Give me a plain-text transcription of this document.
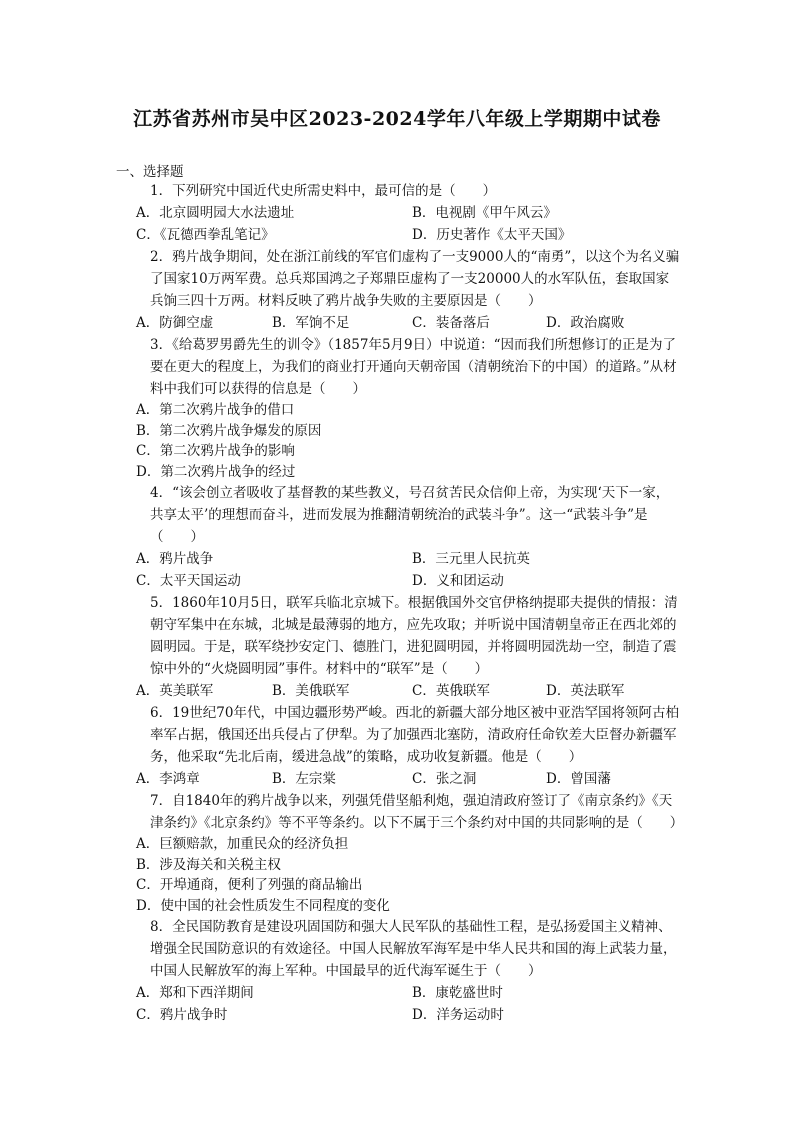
江苏省苏州市吴中区2023-2024学年八年级上学期期中试卷
一、选择题
1．下列研究中国近代史所需史料中，最可信的是（　　）
A．北京圆明园大水法遗址	B．电视剧《甲午风云》
C．《瓦德西拳乱笔记》	D．历史著作《太平天国》
2．鸦片战争期间，处在浙江前线的军官们虚构了一支9000人的“南勇”，以这个为名义骗了国家10万两军费。总兵郑国鸿之子郑鼎臣虚构了一支20000人的水军队伍，套取国家兵饷三四十万两。材料反映了鸦片战争失败的主要原因是（　　）
A．防御空虚	B．军饷不足	C．装备落后	D．政治腐败
3．《给葛罗男爵先生的训令》（1857年5月9日）中说道：“因而我们所想修订的正是为了要在更大的程度上，为我们的商业打开通向天朝帝国（清朝统治下的中国）的道路。”从材料中我们可以获得的信息是（　　）
A．第二次鸦片战争的借口
B．第二次鸦片战争爆发的原因
C．第二次鸦片战争的影响
D．第二次鸦片战争的经过
4．“该会创立者吸收了基督教的某些教义，号召贫苦民众信仰上帝，为实现‘天下一家，共享太平’的理想而奋斗，进而发展为推翻清朝统治的武装斗争”。这一“武装斗争”是（　　）
A．鸦片战争	B．三元里人民抗英
C．太平天国运动	D．义和团运动
5．1860年10月5日，联军兵临北京城下。根据俄国外交官伊格纳提耶夫提供的情报：清朝守军集中在东城，北城是最薄弱的地方，应先攻取；并听说中国清朝皇帝正在西北郊的圆明园。于是，联军绕抄安定门、德胜门，进犯圆明园，并将圆明园洗劫一空，制造了震惊中外的“火烧圆明园”事件。材料中的“联军”是（　　）
A．英美联军	B．美俄联军	C．英俄联军	D．英法联军
6．19世纪70年代，中国边疆形势严峻。西北的新疆大部分地区被中亚浩罕国将领阿古柏率军占据，俄国还出兵侵占了伊犁。为了加强西北塞防，清政府任命钦差大臣督办新疆军务，他采取“先北后南，缓进急战”的策略，成功收复新疆。他是（　　）
A．李鸿章	B．左宗棠	C．张之洞	D．曾国藩
7．自1840年的鸦片战争以来，列强凭借坚船利炮，强迫清政府签订了《南京条约》《天津条约》《北京条约》等不平等条约。以下不属于三个条约对中国的共同影响的是（　　）
A．巨额赔款，加重民众的经济负担
B．涉及海关和关税主权
C．开埠通商，便利了列强的商品输出
D．使中国的社会性质发生不同程度的变化
8．全民国防教育是建设巩固国防和强大人民军队的基础性工程，是弘扬爱国主义精神、增强全民国防意识的有效途径。中国人民解放军海军是中华人民共和国的海上武装力量，中国人民解放军的海上军种。中国最早的近代海军诞生于（　　）
A．郑和下西洋期间	B．康乾盛世时
C．鸦片战争时	D．洋务运动时
